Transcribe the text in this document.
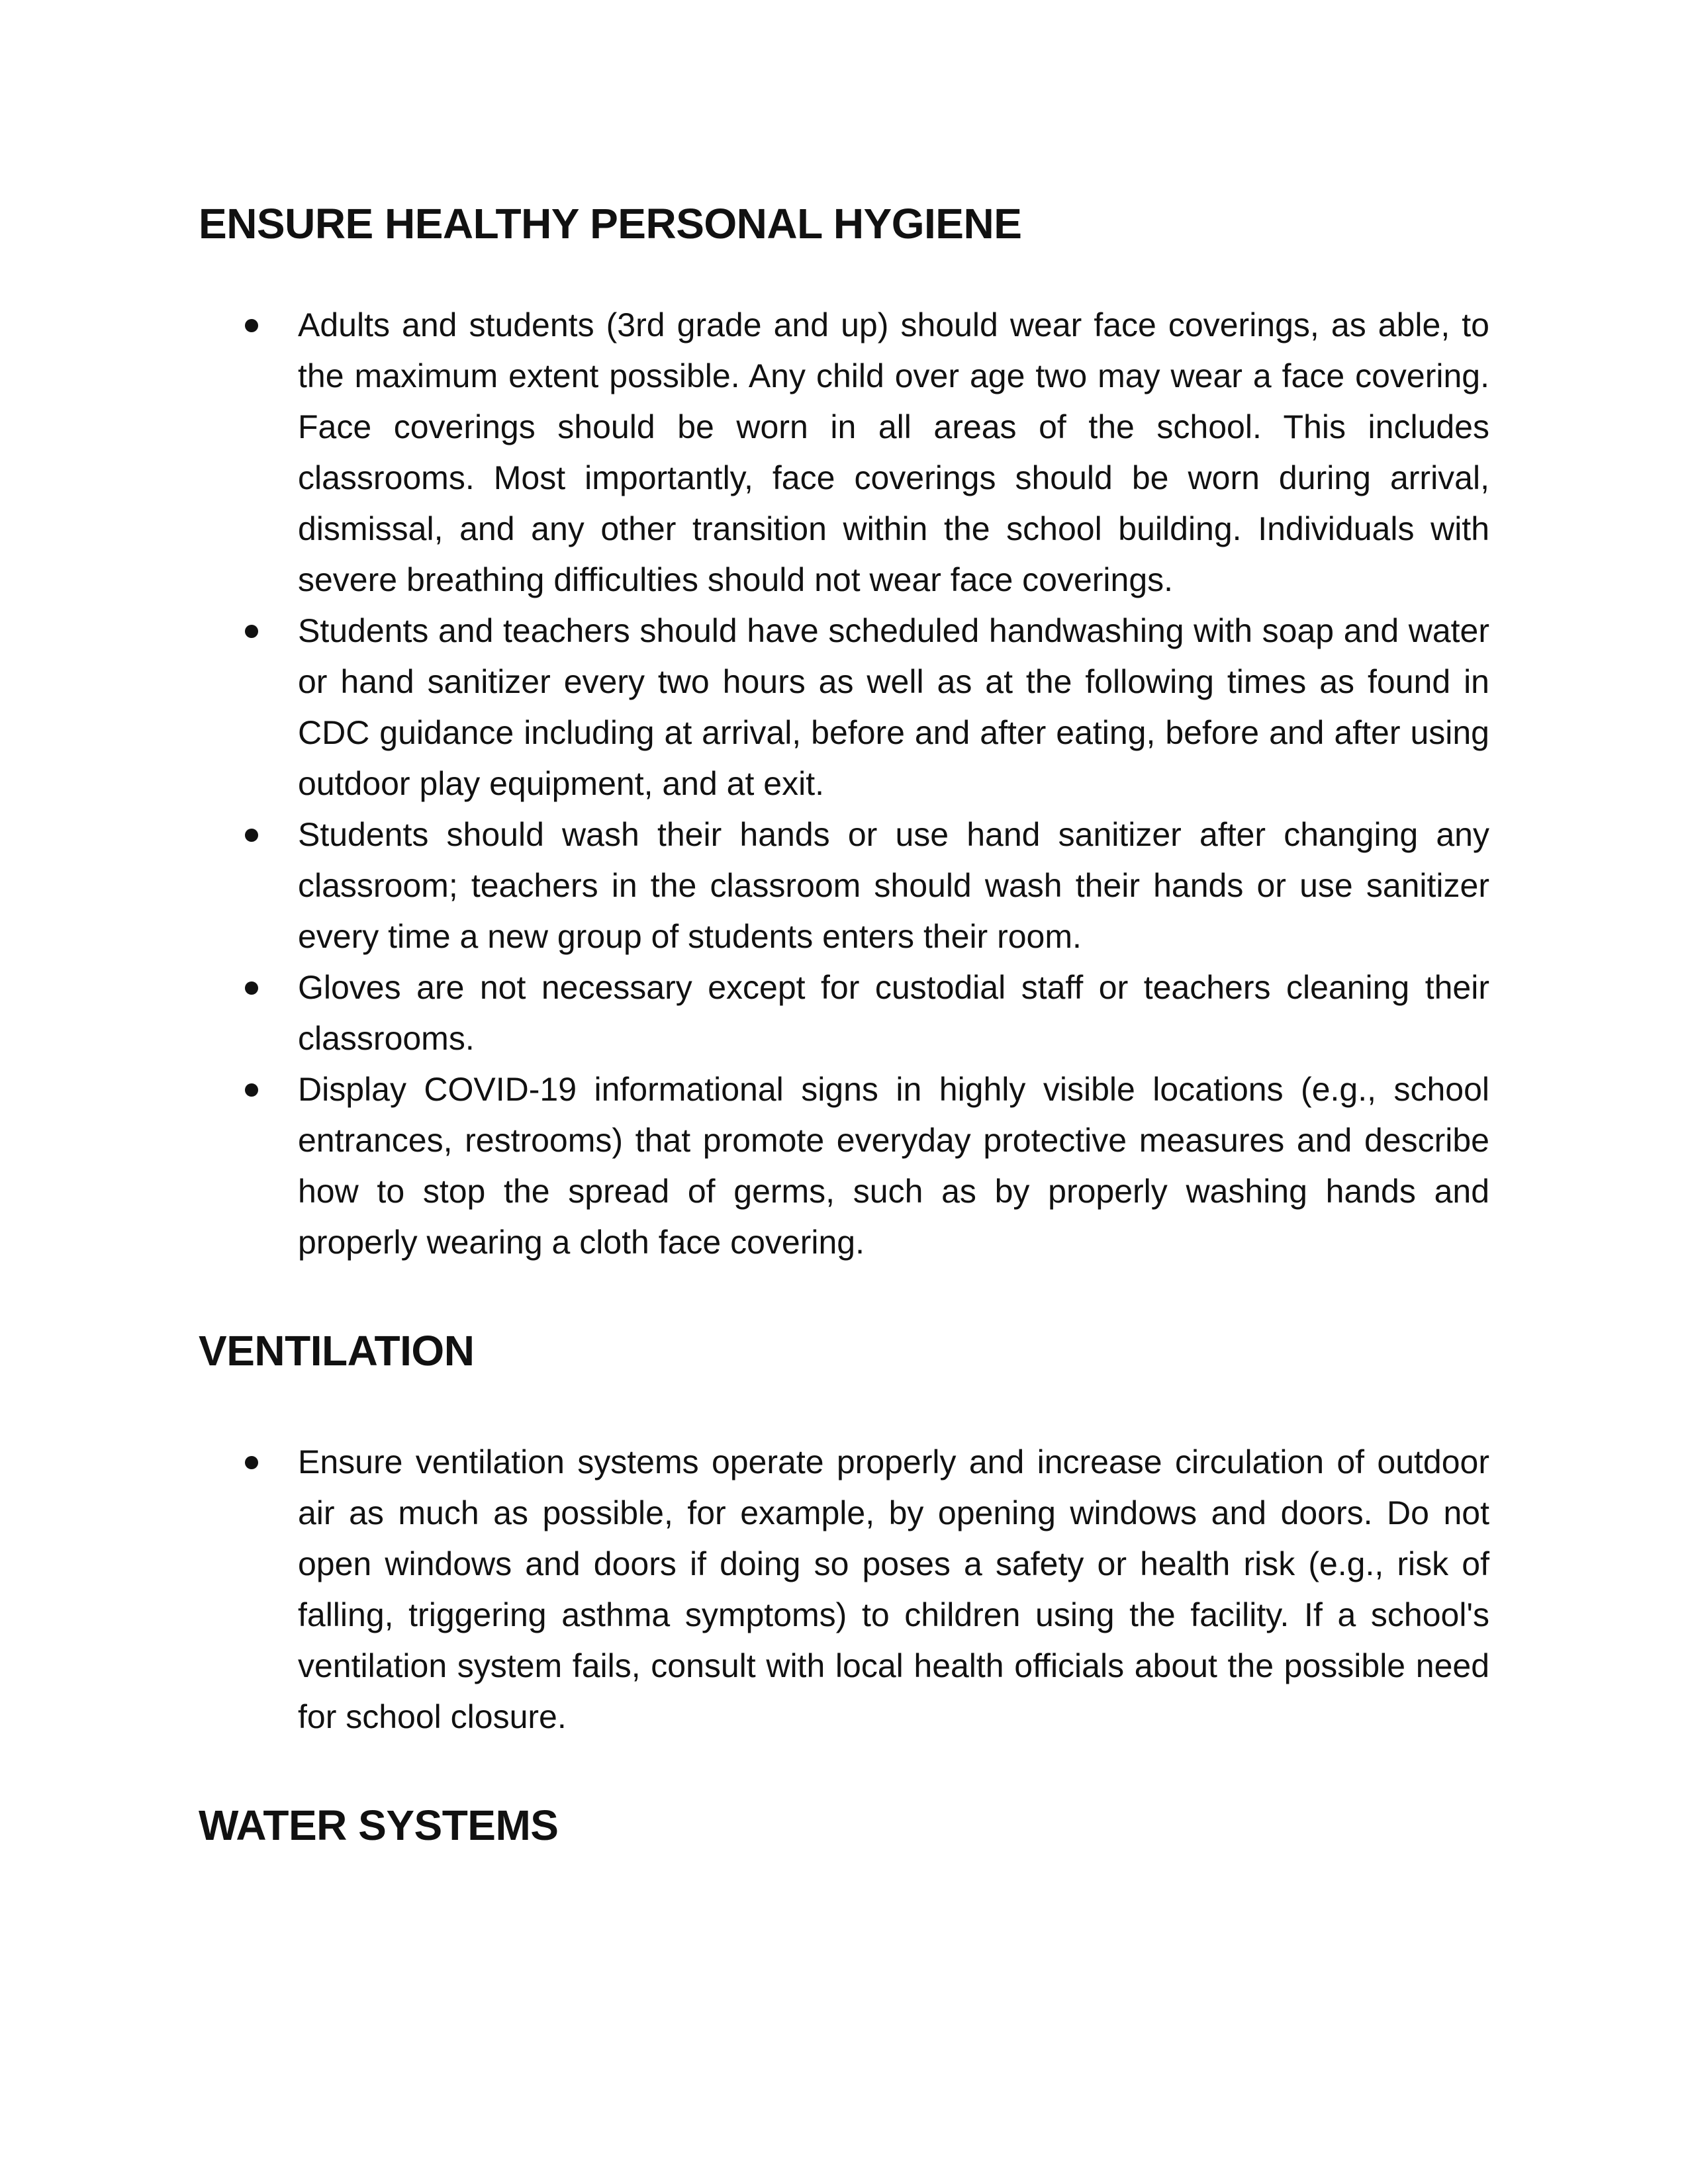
ENSURE HEALTHY PERSONAL HYGIENE
Adults and students (3rd grade and up) should wear face coverings, as able, to the maximum extent possible. Any child over age two may wear a face covering. Face coverings should be worn in all areas of the school. This includes classrooms. Most importantly, face coverings should be worn during arrival, dismissal, and any other transition within the school building. Individuals with severe breathing difficulties should not wear face coverings.
Students and teachers should have scheduled handwashing with soap and water or hand sanitizer every two hours as well as at the following times as found in CDC guidance including at arrival, before and after eating, before and after using outdoor play equipment, and at exit.
Students should wash their hands or use hand sanitizer after changing any classroom; teachers in the classroom should wash their hands or use sanitizer every time a new group of students enters their room.
Gloves are not necessary except for custodial staff or teachers cleaning their classrooms.
Display COVID-19 informational signs in highly visible locations (e.g., school entrances, restrooms) that promote everyday protective measures and describe how to stop the spread of germs, such as by properly washing hands and properly wearing a cloth face covering.
VENTILATION
Ensure ventilation systems operate properly and increase circulation of outdoor air as much as possible, for example, by opening windows and doors. Do not open windows and doors if doing so poses a safety or health risk (e.g., risk of falling, triggering asthma symptoms) to children using the facility. If a school's ventilation system fails, consult with local health officials about the possible need for school closure.
WATER SYSTEMS
